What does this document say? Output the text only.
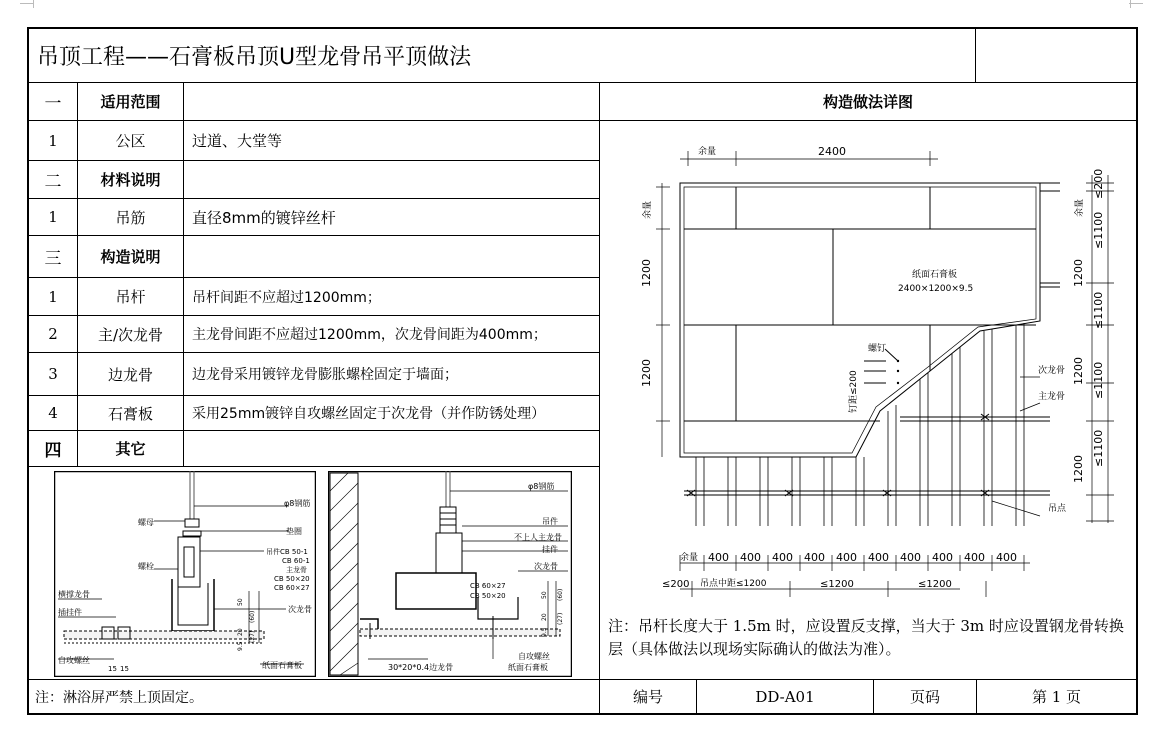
吊顶工程——石膏板吊顶U型龙骨吊平顶做法
一	适用范围
1	公区	过道、大堂等
二	材料说明
1	吊筋	直径8mm的镀锌丝杆
三	构造说明
1	吊杆	吊杆间距不应超过1200mm；
2	主/次龙骨	主龙骨间距不应超过1200mm，次龙骨间距为400mm；
3	边龙骨	边龙骨采用镀锌龙骨膨胀螺栓固定于墙面；
4	石膏板	采用25mm镀锌自攻螺丝固定于次龙骨（并作防锈处理）
四	其它
构造做法详图
注：淋浴屏严禁上顶固定。	编号	DD-A01	页码	第 1 页
注：吊杆长度大于 1.5m 时，应设置反支撑，当大于 3m 时应设置钢龙骨转换层（具体做法以现场实际确认的做法为准）。
φ8钢筋
螺母
垫圈
吊件CB 50-1
CB 60-1
主龙骨
CB 50×20
CB 60×27
螺栓
次龙骨
横撑龙骨
插挂件
自攻螺丝
纸面石膏板
50
(60)
20 (27)
9.5
15 15
φ8钢筋
吊件
不上人主龙骨
挂件
次龙骨
CB 60×27
CB 50×20
自攻螺丝
30*20*0.4边龙骨	纸面石膏板
50 (60)
20 (27)
9.5
余量	2400
余量
1200
1200
余量
≤200
≤1100
1200
≤1100
1200 ≤1100
≤1100
1200
纸面石膏板
2400×1200×9.5
螺钉
钉距≤200	次龙骨
主龙骨
吊点
余量 400 400 400 400 400 400 400 400 400 400
≤200 吊点中距≤1200	≤1200	≤1200
